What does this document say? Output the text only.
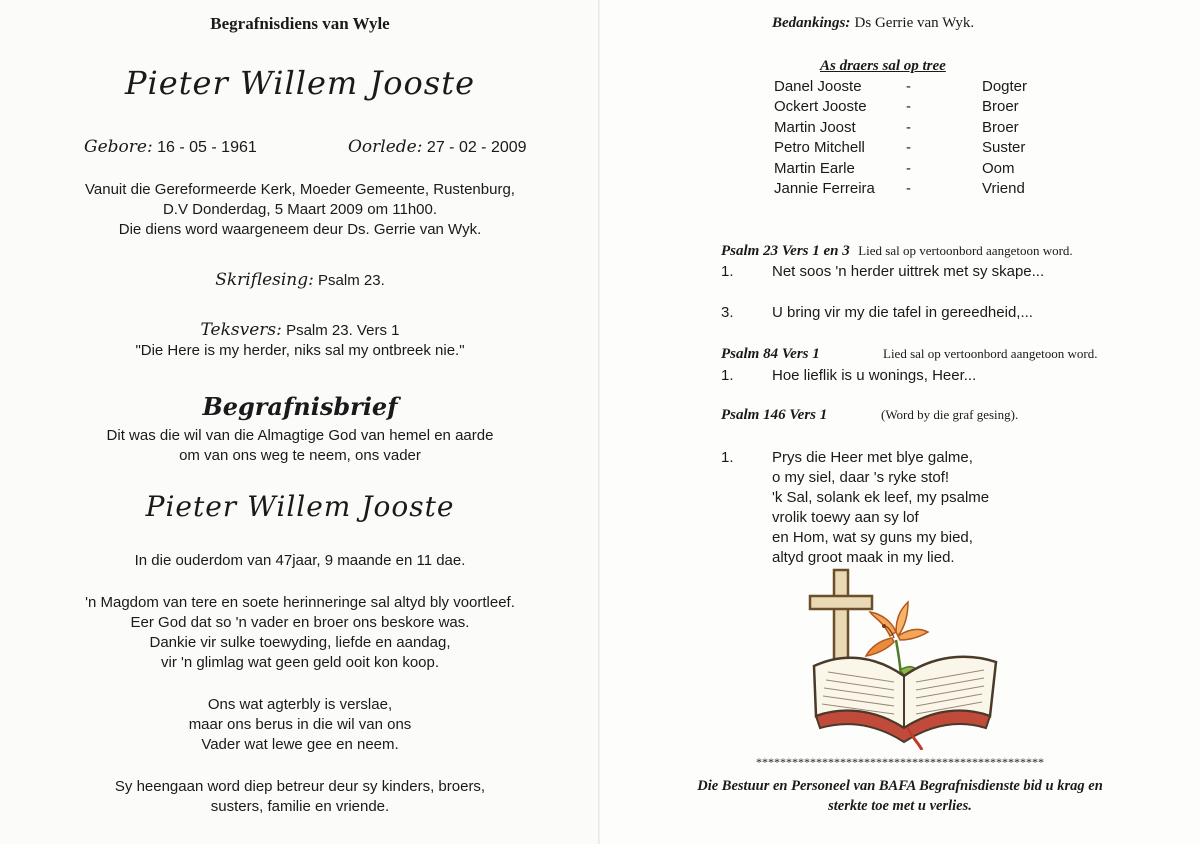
Begrafnisdiens van Wyle
Pieter Willem Jooste
Gebore: 16 - 05 - 1961	Oorlede: 27 - 02 - 2009

Vanuit die Gereformeerde Kerk, Moeder Gemeente, Rustenburg,

D.V Donderdag, 5 Maart 2009 om 11h00.

Die diens word waargeneem deur Ds. Gerrie van Wyk.

Skriflesing: Psalm 23.

Teksvers: Psalm 23. Vers 1

"Die Here is my herder, niks sal my ontbreek nie."

Begrafnisbrief

Dit was die wil van die Almagtige God van hemel en aarde

om van ons weg te neem, ons vader

Pieter Willem Jooste
In die ouderdom van 47jaar, 9 maande en 11 dae.

'n Magdom van tere en soete herinneringe sal altyd bly voortleef.

Eer God dat so 'n vader en broer ons beskore was.

Dankie vir sulke toewyding, liefde en aandag,

vir 'n glimlag wat geen geld ooit kon koop.

Ons wat agterbly is verslae,

maar ons berus in die wil van ons

Vader wat lewe gee en neem.

Sy heengaan word diep betreur deur sy kinders, broers,

susters, familie en vriende.

Bedankings: Ds Gerrie van Wyk.
As draers sal op tree
Danel Jooste	-	Dogter
Ockert Jooste	-	Broer
Martin Joost	-	Broer
Petro Mitchell	-	Suster
Martin Earle	-	Oom
Jannie Ferreira -	Vriend
Psalm 23 Vers 1 en 3 Lied sal op vertoonbord aangetoon word.
1.	Net soos 'n herder uittrek met sy skape...
3.	U bring vir my die tafel in gereedheid,...
Psalm 84 Vers 1	Lied sal op vertoonbord aangetoon word.
1.	Hoe lieflik is u wonings, Heer...
Psalm 146 Vers 1	(Word by die graf gesing).
1.	Prys die Heer met blye galme,
o my siel, daar 's ryke stof!
'k Sal, solank ek leef, my psalme
vrolik toewy aan sy lof
en Hom, wat sy guns my bied,
altyd groot maak in my lied.
************************************************
Die Bestuur en Personeel van BAFA Begrafnisdienste bid u krag en
sterkte toe met u verlies.
